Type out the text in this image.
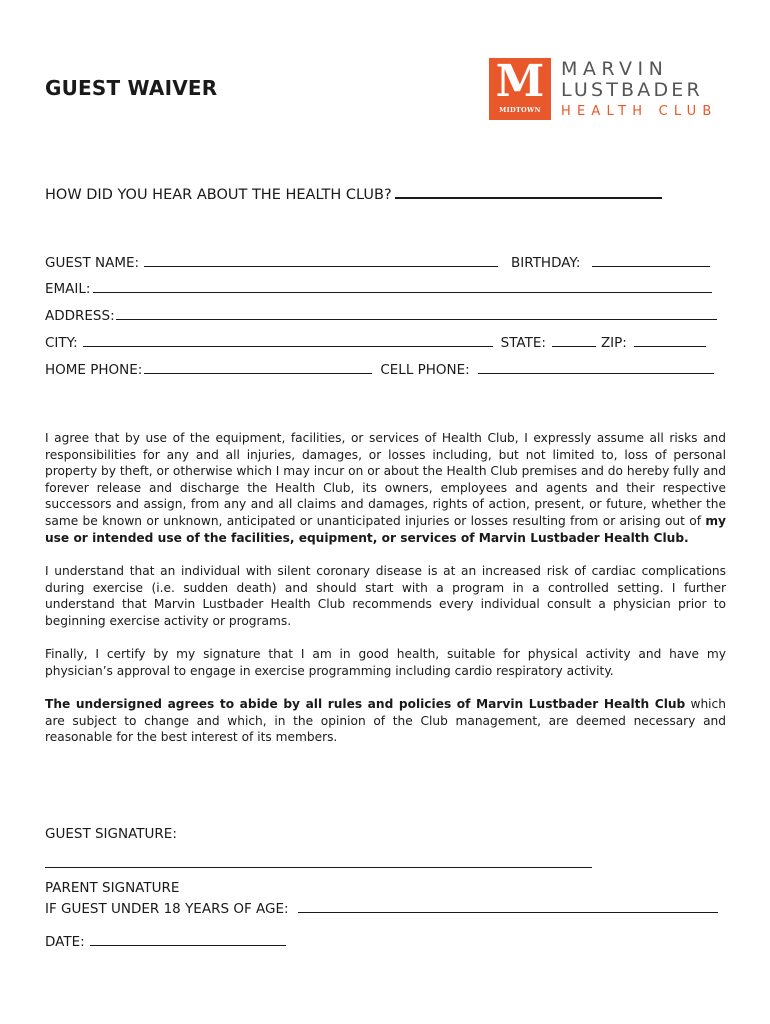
GUEST WAIVER	M
MIDTOWN
MARVIN
LUSTBADER
HEALTH CLUB
HOW DID YOU HEAR ABOUT THE HEALTH CLUB?
GUEST NAME:	BIRTHDAY:
EMAIL:
ADDRESS:
CITY:	STATE:	ZIP:
HOME PHONE:	CELL PHONE:
I agree that by use of the equipment, facilities, or services of Health Club, I expressly assume all risks and responsibilities for any and all injuries, damages, or losses including, but not limited to, loss of personal property by theft, or otherwise which I may incur on or about the Health Club premises and do hereby fully and forever release and discharge the Health Club, its owners, employees and agents and their respective successors and assign, from any and all claims and damages, rights of action, present, or future, whether the same be known or unknown, anticipated or unanticipated injuries or losses resulting from or arising out of my use or intended use of the facilities, equipment, or services of Marvin Lustbader Health Club.
I understand that an individual with silent coronary disease is at an increased risk of cardiac complications during exercise (i.e. sudden death) and should start with a program in a controlled setting. I further understand that Marvin Lustbader Health Club recommends every individual consult a physician prior to beginning exercise activity or programs.
Finally, I certify by my signature that I am in good health, suitable for physical activity and have my physician’s approval to engage in exercise programming including cardio respiratory activity.
The undersigned agrees to abide by all rules and policies of Marvin Lustbader Health Club which are subject to change and which, in the opinion of the Club management, are deemed necessary and reasonable for the best interest of its members.
GUEST SIGNATURE:
PARENT SIGNATURE
IF GUEST UNDER 18 YEARS OF AGE:
DATE:
